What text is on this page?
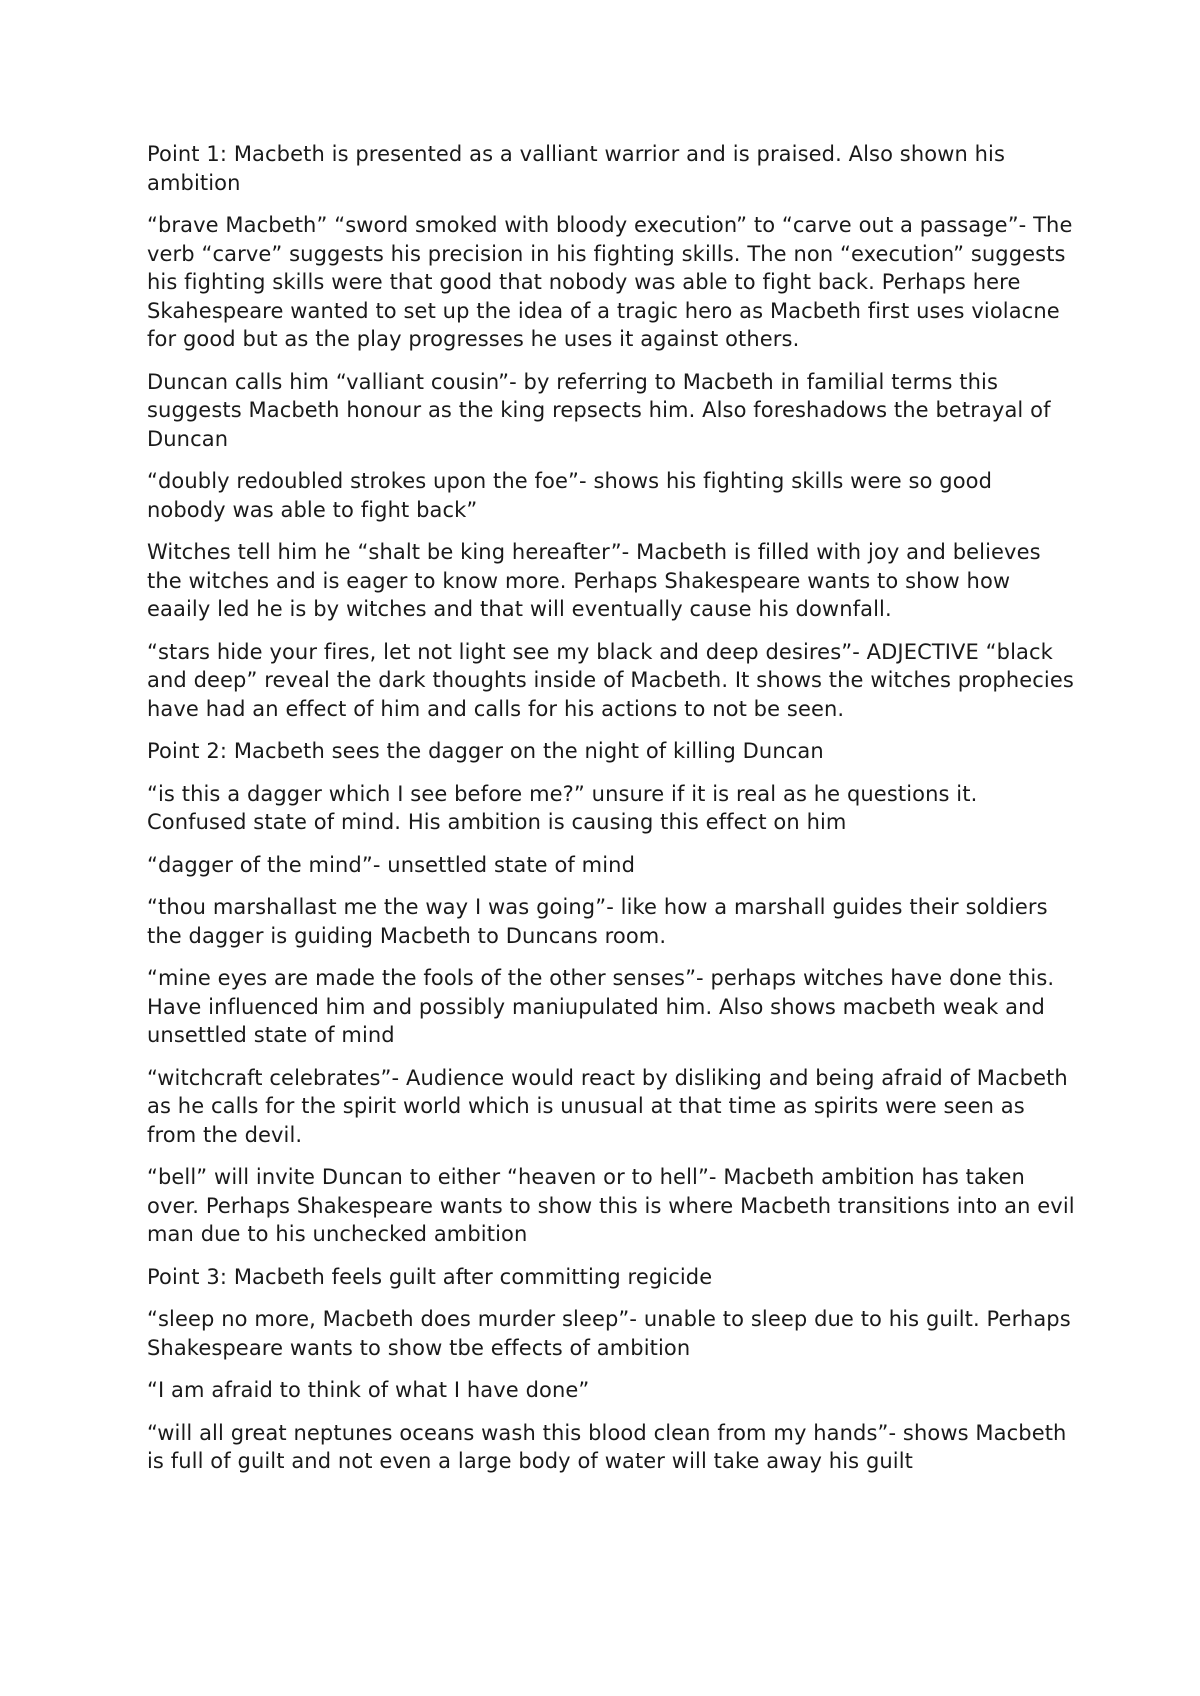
Point 1: Macbeth is presented as a valliant warrior and is praised. Also shown his ambition

“brave Macbeth” “sword smoked with bloody execution” to “carve out a passage”- The verb “carve” suggests his precision in his fighting skills. The non “execution” suggests his fighting skills were that good that nobody was able to fight back. Perhaps here Skahespeare wanted to set up the idea of a tragic hero as Macbeth first uses violacne for good but as the play progresses he uses it against others.

Duncan calls him “valliant cousin”- by referring to Macbeth in familial terms this suggests Macbeth honour as the king repsects him. Also foreshadows the betrayal of Duncan

“doubly redoubled strokes upon the foe”- shows his fighting skills were so good nobody was able to fight back”

Witches tell him he “shalt be king hereafter”- Macbeth is filled with joy and believes the witches and is eager to know more. Perhaps Shakespeare wants to show how eaaily led he is by witches and that will eventually cause his downfall.

“stars hide your fires, let not light see my black and deep desires”- ADJECTIVE “black and deep” reveal the dark thoughts inside of Macbeth. It shows the witches prophecies have had an effect of him and calls for his actions to not be seen.

Point 2: Macbeth sees the dagger on the night of killing Duncan

“is this a dagger which I see before me?” unsure if it is real as he questions it. Confused state of mind. His ambition is causing this effect on him

“dagger of the mind”- unsettled state of mind

“thou marshallast me the way I was going”- like how a marshall guides their soldiers the dagger is guiding Macbeth to Duncans room.

“mine eyes are made the fools of the other senses”- perhaps witches have done this. Have influenced him and possibly maniupulated him. Also shows macbeth weak and unsettled state of mind

“witchcraft celebrates”- Audience would react by disliking and being afraid of Macbeth as he calls for the spirit world which is unusual at that time as spirits were seen as from the devil.

“bell” will invite Duncan to either “heaven or to hell”- Macbeth ambition has taken over. Perhaps Shakespeare wants to show this is where Macbeth transitions into an evil man due to his unchecked ambition

Point 3: Macbeth feels guilt after committing regicide

“sleep no more, Macbeth does murder sleep”- unable to sleep due to his guilt. Perhaps Shakespeare wants to show tbe effects of ambition

“I am afraid to think of what I have done”

“will all great neptunes oceans wash this blood clean from my hands”- shows Macbeth is full of guilt and not even a large body of water will take away his guilt
